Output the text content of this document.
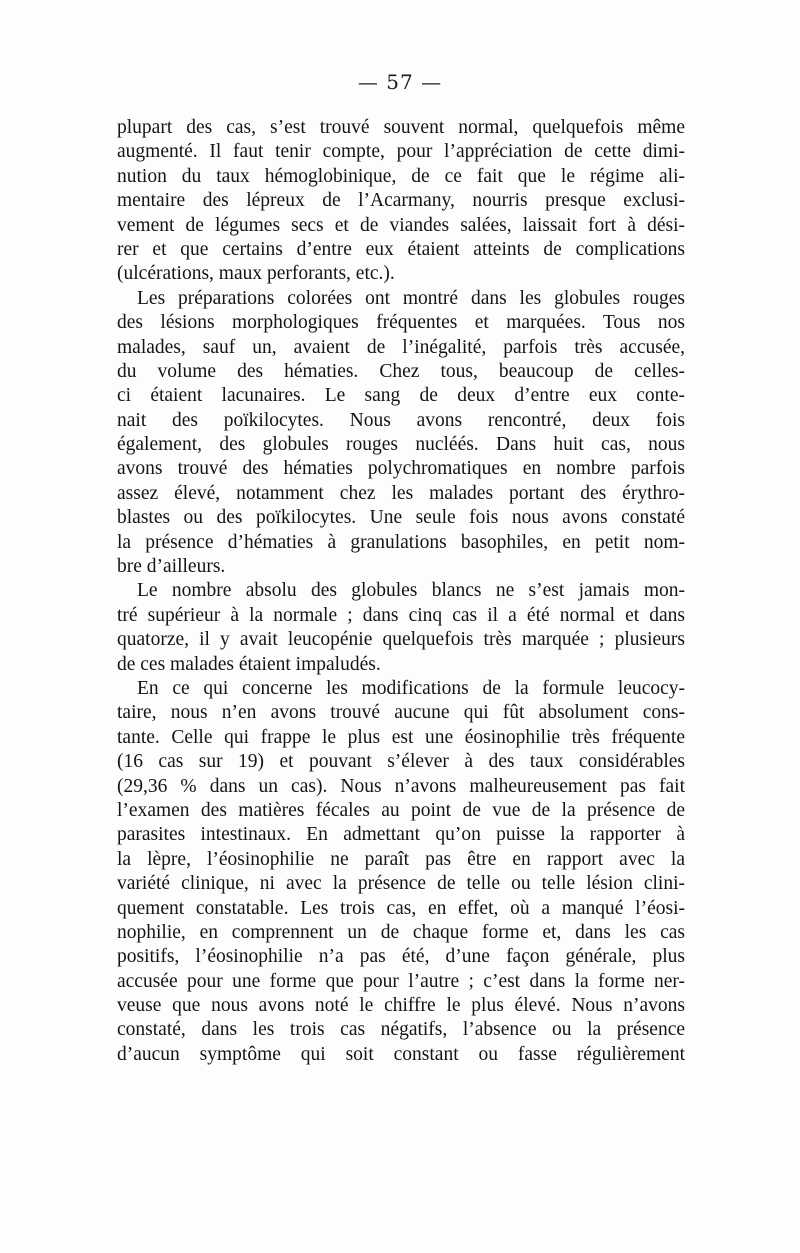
— 57 —
plupart des cas, s’est trouvé souvent normal, quelquefois même
augmenté. Il faut tenir compte, pour l’appréciation de cette dimi-
nution du taux hémoglobinique, de ce fait que le régime ali-
mentaire des lépreux de l’Acarmany, nourris presque exclusi-
vement de légumes secs et de viandes salées, laissait fort à dési-
rer et que certains d’entre eux étaient atteints de complications
(ulcérations, maux perforants, etc.).
Les préparations colorées ont montré dans les globules rouges
des lésions morphologiques fréquentes et marquées. Tous nos
malades, sauf un, avaient de l’inégalité, parfois très accusée,
du volume des hématies. Chez tous, beaucoup de celles-
ci étaient lacunaires. Le sang de deux d’entre eux conte-
nait des poïkilocytes. Nous avons rencontré, deux fois
également, des globules rouges nucléés. Dans huit cas, nous
avons trouvé des hématies polychromatiques en nombre parfois
assez élevé, notamment chez les malades portant des érythro-
blastes ou des poïkilocytes. Une seule fois nous avons constaté
la présence d’hématies à granulations basophiles, en petit nom-
bre d’ailleurs.
Le nombre absolu des globules blancs ne s’est jamais mon-
tré supérieur à la normale ; dans cinq cas il a été normal et dans
quatorze, il y avait leucopénie quelquefois très marquée ; plusieurs
de ces malades étaient impaludés.
En ce qui concerne les modifications de la formule leucocy-
taire, nous n’en avons trouvé aucune qui fût absolument cons-
tante. Celle qui frappe le plus est une éosinophilie très fréquente
(16 cas sur 19) et pouvant s’élever à des taux considérables
(29,36 % dans un cas). Nous n’avons malheureusement pas fait
l’examen des matières fécales au point de vue de la présence de
parasites intestinaux. En admettant qu’on puisse la rapporter à
la lèpre, l’éosinophilie ne paraît pas être en rapport avec la
variété clinique, ni avec la présence de telle ou telle lésion clini-
quement constatable. Les trois cas, en effet, où a manqué l’éosi-
nophilie, en comprennent un de chaque forme et, dans les cas
positifs, l’éosinophilie n’a pas été, d’une façon générale, plus
accusée pour une forme que pour l’autre ; c’est dans la forme ner-
veuse que nous avons noté le chiffre le plus élevé. Nous n’avons
constaté, dans les trois cas négatifs, l’absence ou la présence
d’aucun symptôme qui soit constant ou fasse régulièrement
